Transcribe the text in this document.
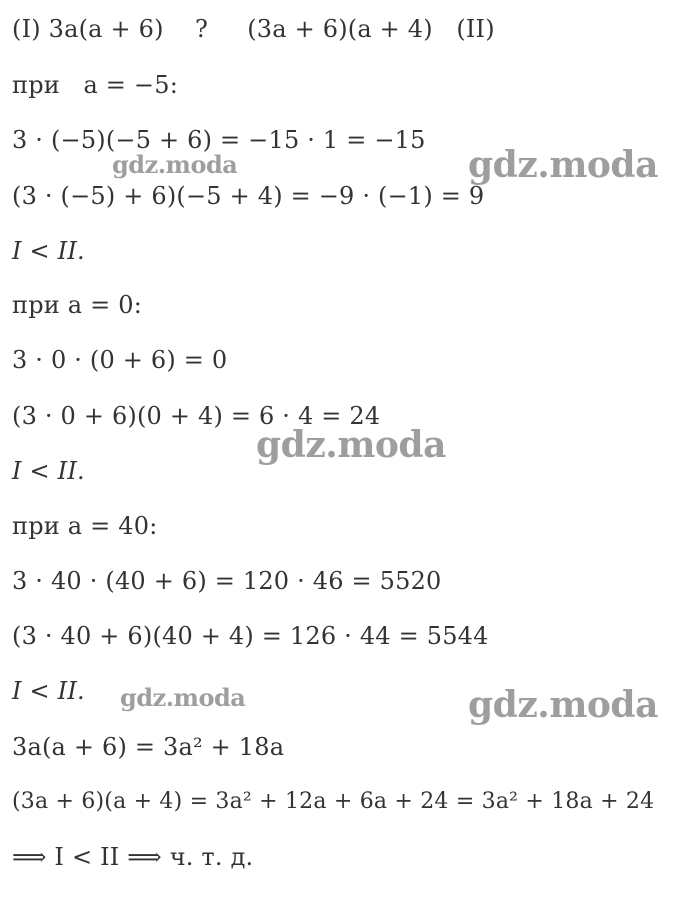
(I) 3a(a + 6)    ?     (3a + 6)(a + 4)   (II)
при   a = −5:
3 · (−5)(−5 + 6) = −15 · 1 = −15
(3 · (−5) + 6)(−5 + 4) = −9 · (−1) = 9
I < II.
при a = 0:
3 · 0 · (0 + 6) = 0
(3 · 0 + 6)(0 + 4) = 6 · 4 = 24
I < II.
при a = 40:
3 · 40 · (40 + 6) = 120 · 46 = 5520
(3 · 40 + 6)(40 + 4) = 126 · 44 = 5544
I < II.
3a(a + 6) = 3a² + 18a
(3a + 6)(a + 4) = 3a² + 12a + 6a + 24 = 3a² + 18a + 24
⟹ I < II ⟹ ч. т. д.
gdz.moda	gdz.moda
gdz.moda
gdz.moda	gdz.moda
